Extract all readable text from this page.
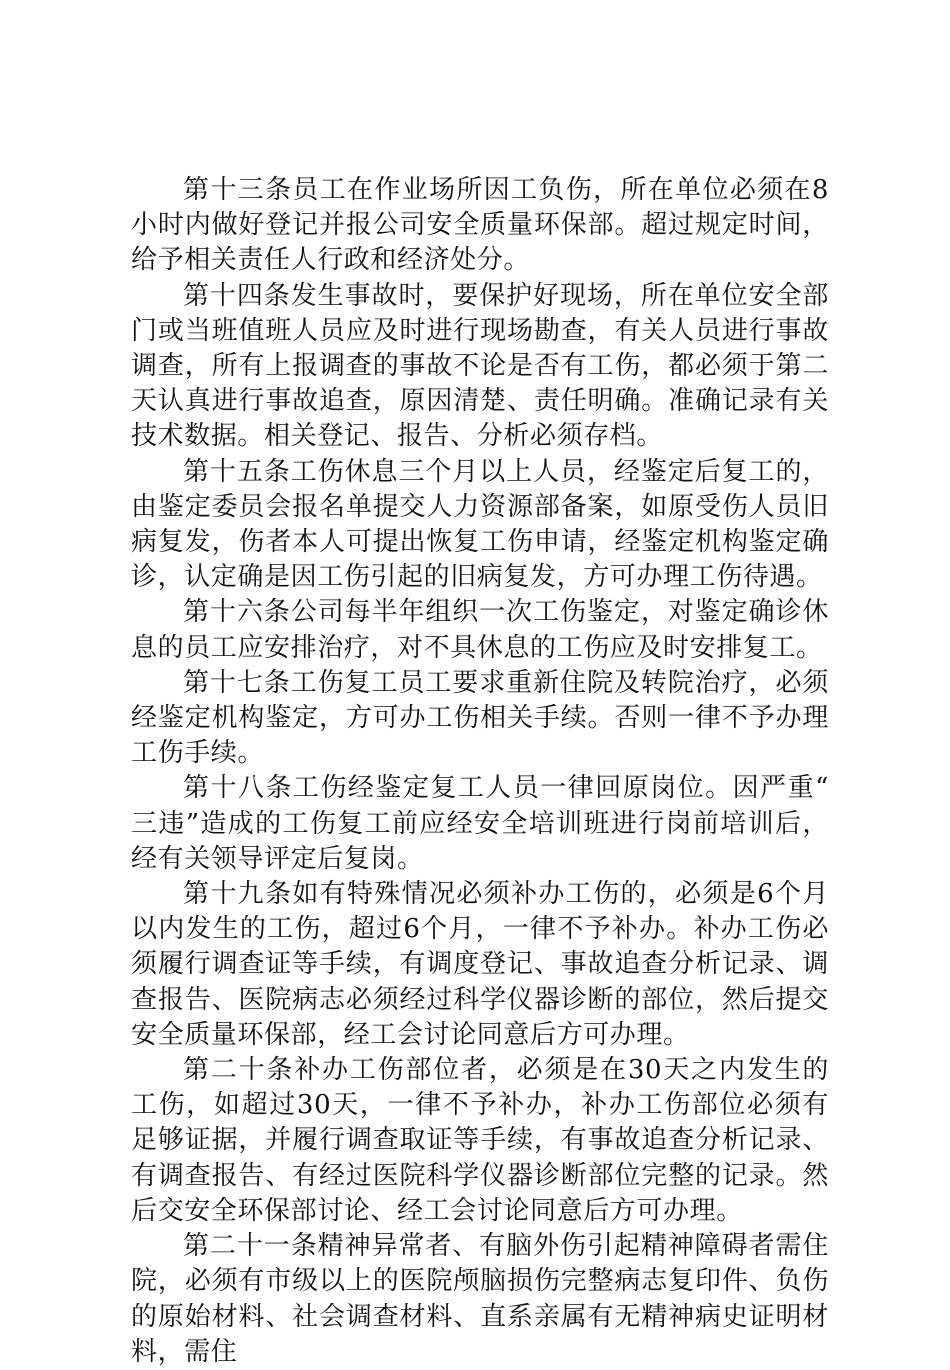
第十三条员工在作业场所因工负伤，所在单位必须在8小时内做好登记并报公司安全质量环保部。超过规定时间，给予相关责任人行政和经济处分。

第十四条发生事故时，要保护好现场，所在单位安全部门或当班值班人员应及时进行现场勘查，有关人员进行事故调查，所有上报调查的事故不论是否有工伤，都必须于第二天认真进行事故追查，原因清楚、责任明确。准确记录有关技术数据。相关登记、报告、分析必须存档。

第十五条工伤休息三个月以上人员，经鉴定后复工的，由鉴定委员会报名单提交人力资源部备案，如原受伤人员旧病复发，伤者本人可提出恢复工伤申请，经鉴定机构鉴定确诊，认定确是因工伤引起的旧病复发，方可办理工伤待遇。

第十六条公司每半年组织一次工伤鉴定，对鉴定确诊休息的员工应安排治疗，对不具休息的工伤应及时安排复工。

第十七条工伤复工员工要求重新住院及转院治疗，必须经鉴定机构鉴定，方可办工伤相关手续。否则一律不予办理工伤手续。

第十八条工伤经鉴定复工人员一律回原岗位。因严重“三违”造成的工伤复工前应经安全培训班进行岗前培训后，经有关领导评定后复岗。

第十九条如有特殊情况必须补办工伤的，必须是6个月以内发生的工伤，超过6个月，一律不予补办。补办工伤必须履行调查证等手续，有调度登记、事故追查分析记录、调查报告、医院病志必须经过科学仪器诊断的部位，然后提交安全质量环保部，经工会讨论同意后方可办理。

第二十条补办工伤部位者，必须是在30天之内发生的工伤，如超过30天，一律不予补办，补办工伤部位必须有足够证据，并履行调查取证等手续，有事故追查分析记录、有调查报告、有经过医院科学仪器诊断部位完整的记录。然后交安全环保部讨论、经工会讨论同意后方可办理。

第二十一条精神异常者、有脑外伤引起精神障碍者需住院，必须有市级以上的医院颅脑损伤完整病志复印件、负伤的原始材料、社会调查材料、直系亲属有无精神病史证明材料，需住
